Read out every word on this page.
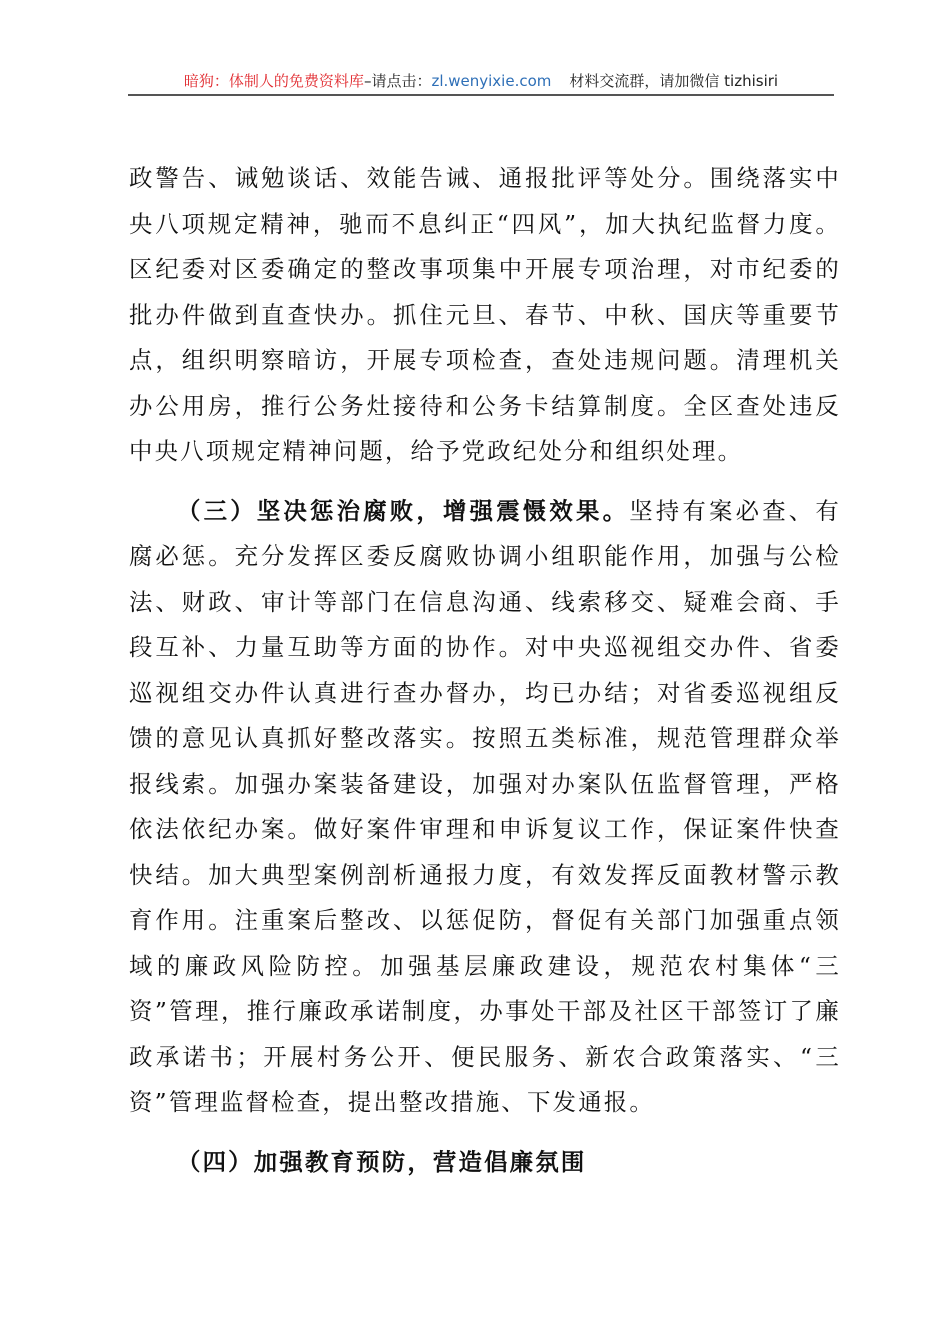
暗狗：体制人的免费资料库–请点击：zl.wenyixie.com 材料交流群，请加微信 tizhisiri

政警告、诫勉谈话、效能告诫、通报批评等处分。围绕落实中央八项规定精神，驰而不息纠正“四风”，加大执纪监督力度。区纪委对区委确定的整改事项集中开展专项治理，对市纪委的批办件做到直查快办。抓住元旦、春节、中秋、国庆等重要节点，组织明察暗访，开展专项检查，查处违规问题。清理机关办公用房，推行公务灶接待和公务卡结算制度。全区查处违反中央八项规定精神问题，给予党政纪处分和组织处理。

（三）坚决惩治腐败，增强震慑效果。坚持有案必查、有腐必惩。充分发挥区委反腐败协调小组职能作用，加强与公检法、财政、审计等部门在信息沟通、线索移交、疑难会商、手段互补、力量互助等方面的协作。对中央巡视组交办件、省委巡视组交办件认真进行查办督办，均已办结；对省委巡视组反馈的意见认真抓好整改落实。按照五类标准，规范管理群众举报线索。加强办案装备建设，加强对办案队伍监督管理，严格依法依纪办案。做好案件审理和申诉复议工作，保证案件快查快结。加大典型案例剖析通报力度，有效发挥反面教材警示教育作用。注重案后整改、以惩促防，督促有关部门加强重点领域的廉政风险防控。加强基层廉政建设，规范农村集体“三资”管理，推行廉政承诺制度，办事处干部及社区干部签订了廉政承诺书；开展村务公开、便民服务、新农合政策落实、“三资”管理监督检查，提出整改措施、下发通报。

（四）加强教育预防，营造倡廉氛围
